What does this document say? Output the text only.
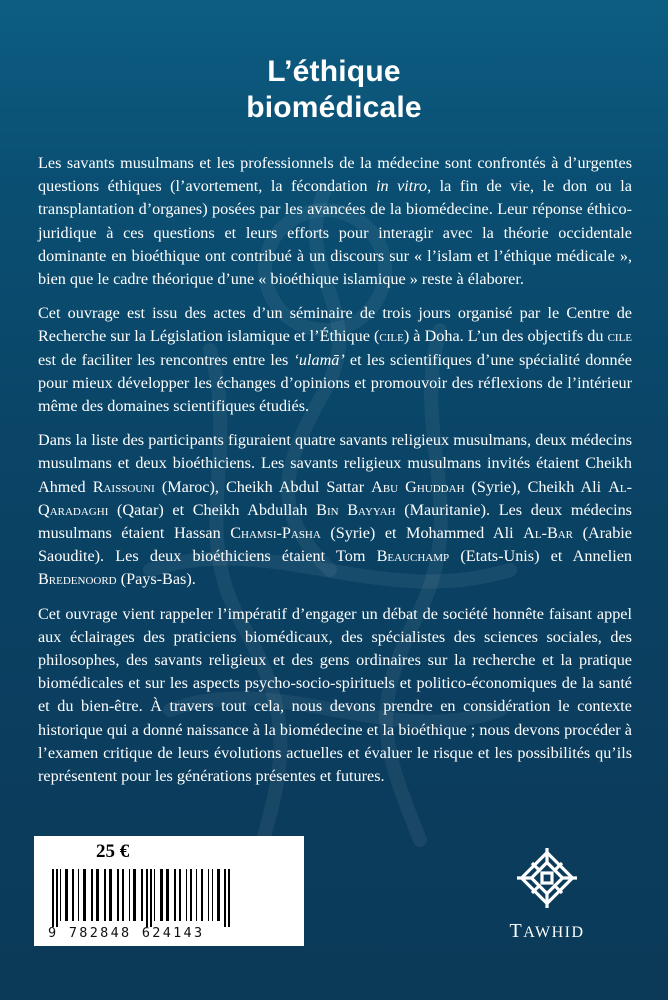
L’éthique
biomédicale

Les savants musulmans et les professionnels de la médecine sont confrontés à d’urgentes questions éthiques (l’avortement, la fécondation in vitro, la fin de vie, le don ou la transplantation d’organes) posées par les avancées de la biomédecine. Leur réponse éthico-juridique à ces questions et leurs efforts pour interagir avec la théorie occidentale dominante en bioéthique ont contribué à un discours sur « l’islam et l’éthique médicale », bien que le cadre théorique d’une « bioéthique islamique » reste à élaborer.

Cet ouvrage est issu des actes d’un séminaire de trois jours organisé par le Centre de Recherche sur la Législation islamique et l’Éthique (cile) à Doha. L’un des objectifs du cile est de faciliter les rencontres entre les ‘ulamā’ et les scientifiques d’une spécialité donnée pour mieux développer les échanges d’opinions et promouvoir des réflexions de l’intérieur même des domaines scientifiques étudiés.

Dans la liste des participants figuraient quatre savants religieux musulmans, deux médecins musulmans et deux bioéthiciens. Les savants religieux musulmans invités étaient Cheikh Ahmed Raissouni (Maroc), Cheikh Abdul Sattar Abu Ghuddah (Syrie), Cheikh Ali Al-Qaradaghi (Qatar) et Cheikh Abdullah Bin Bayyah (Mauritanie). Les deux médecins musulmans étaient Hassan Chamsi-Pasha (Syrie) et Mohammed Ali Al-Bar (Arabie Saoudite). Les deux bioéthiciens étaient Tom Beauchamp (Etats-Unis) et Annelien Bredenoord (Pays-Bas).

Cet ouvrage vient rappeler l’impératif d’engager un débat de société honnête faisant appel aux éclairages des praticiens biomédicaux, des spécialistes des sciences sociales, des philosophes, des savants religieux et des gens ordinaires sur la recherche et la pratique biomédicales et sur les aspects psycho-socio-spirituels et politico-économiques de la santé et du bien-être. À travers tout cela, nous devons prendre en considération le contexte historique qui a donné naissance à la biomédecine et la bioéthique ; nous devons procéder à l’examen critique de leurs évolutions actuelles et évaluer le risque et les possibilités qu’ils représentent pour les générations présentes et futures.

25 €
9 782848 624143	TAWHID
